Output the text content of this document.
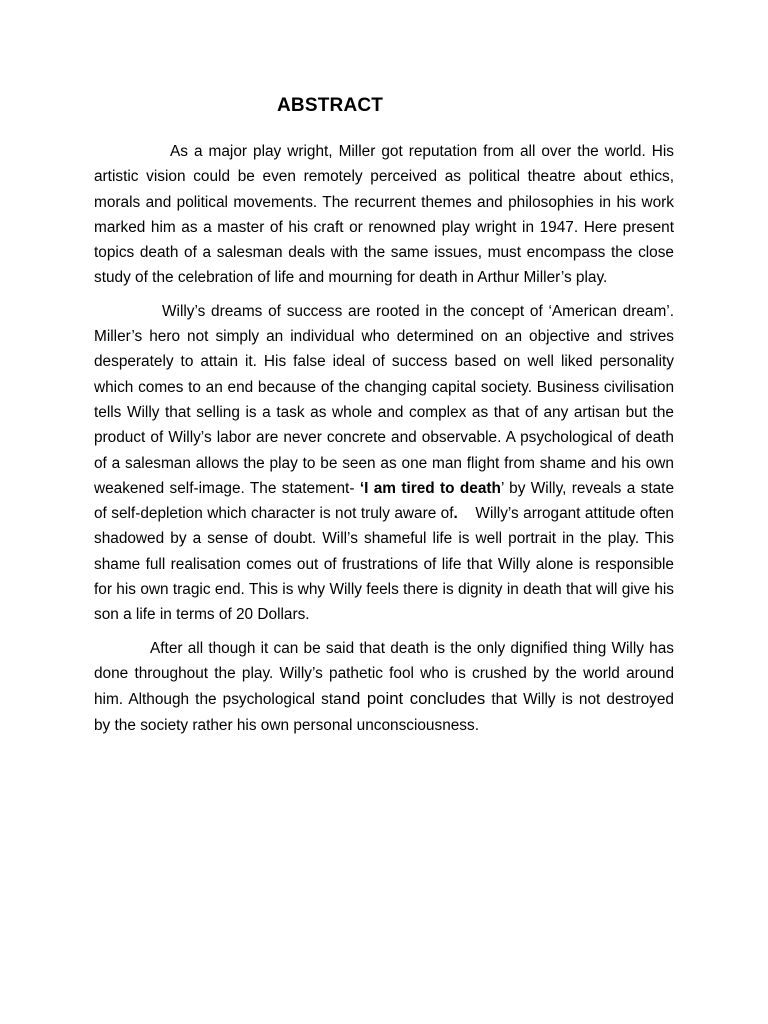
ABSTRACT

As a major play wright, Miller got reputation from all over the world. His artistic vision could be even remotely perceived as political theatre about ethics, morals and political movements. The recurrent themes and philosophies in his work marked him as a master of his craft or renowned play wright in 1947. Here present topics death of a salesman deals with the same issues, must encompass the close study of the celebration of life and mourning for death in Arthur Miller’s play.

Willy’s dreams of success are rooted in the concept of ‘American dream’. Miller’s hero not simply an individual who determined on an objective and strives desperately to attain it. His false ideal of success based on well liked personality which comes to an end because of the changing capital society. Business civilisation tells Willy that selling is a task as whole and complex as that of any artisan but the product of Willy’s labor are never concrete and observable. A psychological of death of a salesman allows the play to be seen as one man flight from shame and his own weakened self-image. The statement- ‘I am tired to death’ by Willy, reveals a state of self-depletion which character is not truly aware of.    Willy’s arrogant attitude often shadowed by a sense of doubt. Will’s shameful life is well portrait in the play. This shame full realisation comes out of frustrations of life that Willy alone is responsible for his own tragic end. This is why Willy feels there is dignity in death that will give his son a life in terms of 20 Dollars.

After all though it can be said that death is the only dignified thing Willy has done throughout the play. Willy’s pathetic fool who is crushed by the world around him. Although the psychological stand point concludes that Willy is not destroyed by the society rather his own personal unconsciousness.
